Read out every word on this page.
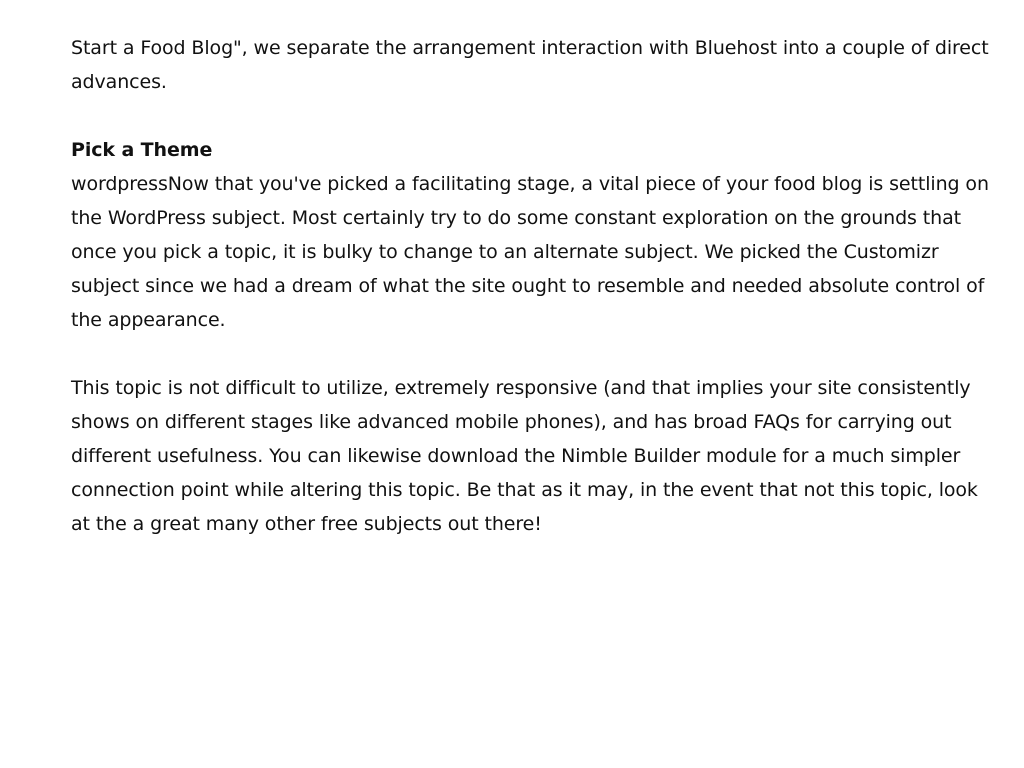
Start a Food Blog", we separate the arrangement interaction with Bluehost into a couple of direct advances.

Pick a Theme

wordpressNow that you've picked a facilitating stage, a vital piece of your food blog is settling on the WordPress subject. Most certainly try to do some constant exploration on the grounds that once you pick a topic, it is bulky to change to an alternate subject. We picked the Customizr subject since we had a dream of what the site ought to resemble and needed absolute control of the appearance.

This topic is not difficult to utilize, extremely responsive (and that implies your site consistently shows on different stages like advanced mobile phones), and has broad FAQs for carrying out different usefulness. You can likewise download the Nimble Builder module for a much simpler connection point while altering this topic. Be that as it may, in the event that not this topic, look at the a great many other free subjects out there!
